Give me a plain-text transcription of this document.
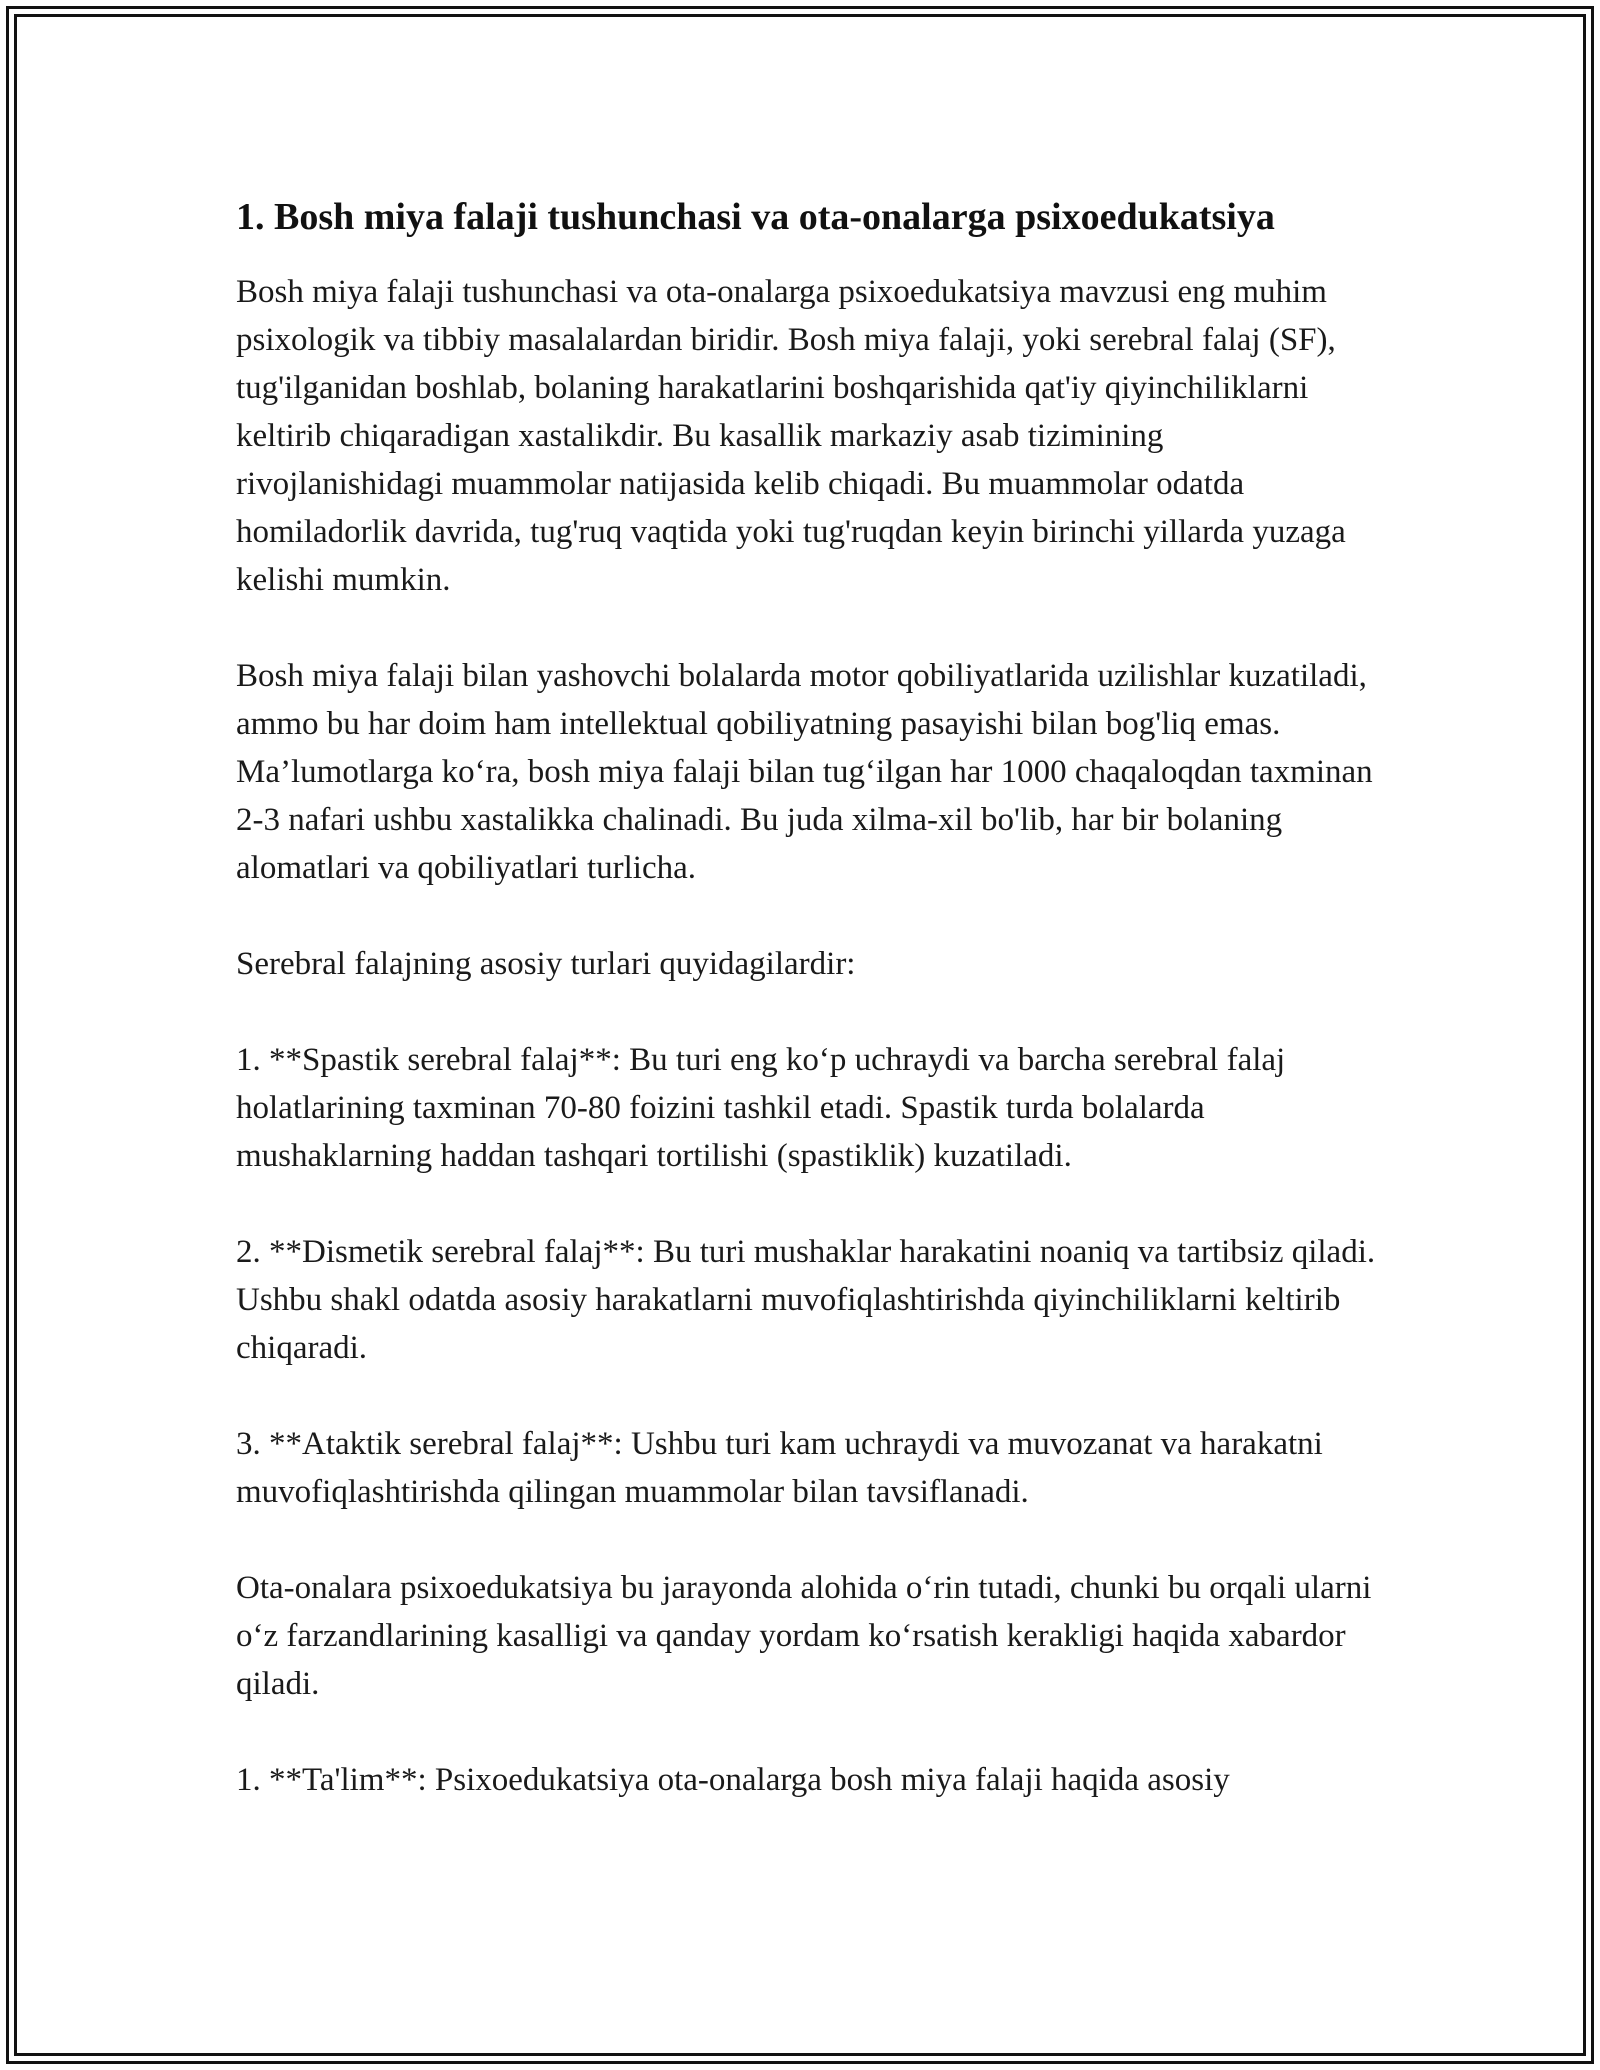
1. Bosh miya falaji tushunchasi va ota-onalarga psixoedukatsiya

Bosh miya falaji tushunchasi va ota-onalarga psixoedukatsiya mavzusi eng muhim psixologik va tibbiy masalalardan biridir. Bosh miya falaji, yoki serebral falaj (SF), tug'ilganidan boshlab, bolaning harakatlarini boshqarishida qat'iy qiyinchiliklarni keltirib chiqaradigan xastalikdir. Bu kasallik markaziy asab tizimining rivojlanishidagi muammolar natijasida kelib chiqadi. Bu muammolar odatda homiladorlik davrida, tug'ruq vaqtida yoki tug'ruqdan keyin birinchi yillarda yuzaga kelishi mumkin.

Bosh miya falaji bilan yashovchi bolalarda motor qobiliyatlarida uzilishlar kuzatiladi, ammo bu har doim ham intellektual qobiliyatning pasayishi bilan bog'liq emas. Ma’lumotlarga ko‘ra, bosh miya falaji bilan tug‘ilgan har 1000 chaqaloqdan taxminan 2-3 nafari ushbu xastalikka chalinadi. Bu juda xilma-xil bo'lib, har bir bolaning alomatlari va qobiliyatlari turlicha.

Serebral falajning asosiy turlari quyidagilardir:

1. **Spastik serebral falaj**: Bu turi eng ko‘p uchraydi va barcha serebral falaj holatlarining taxminan 70-80 foizini tashkil etadi. Spastik turda bolalarda mushaklarning haddan tashqari tortilishi (spastiklik) kuzatiladi.

2. **Dismetik serebral falaj**: Bu turi mushaklar harakatini noaniq va tartibsiz qiladi. Ushbu shakl odatda asosiy harakatlarni muvofiqlashtirishda qiyinchiliklarni keltirib chiqaradi.

3. **Ataktik serebral falaj**: Ushbu turi kam uchraydi va muvozanat va harakatni muvofiqlashtirishda qilingan muammolar bilan tavsiflanadi.

Ota-onalara psixoedukatsiya bu jarayonda alohida o‘rin tutadi, chunki bu orqali ularni o‘z farzandlarining kasalligi va qanday yordam ko‘rsatish kerakligi haqida xabardor qiladi.

1. **Ta'lim**: Psixoedukatsiya ota-onalarga bosh miya falaji haqida asosiy
